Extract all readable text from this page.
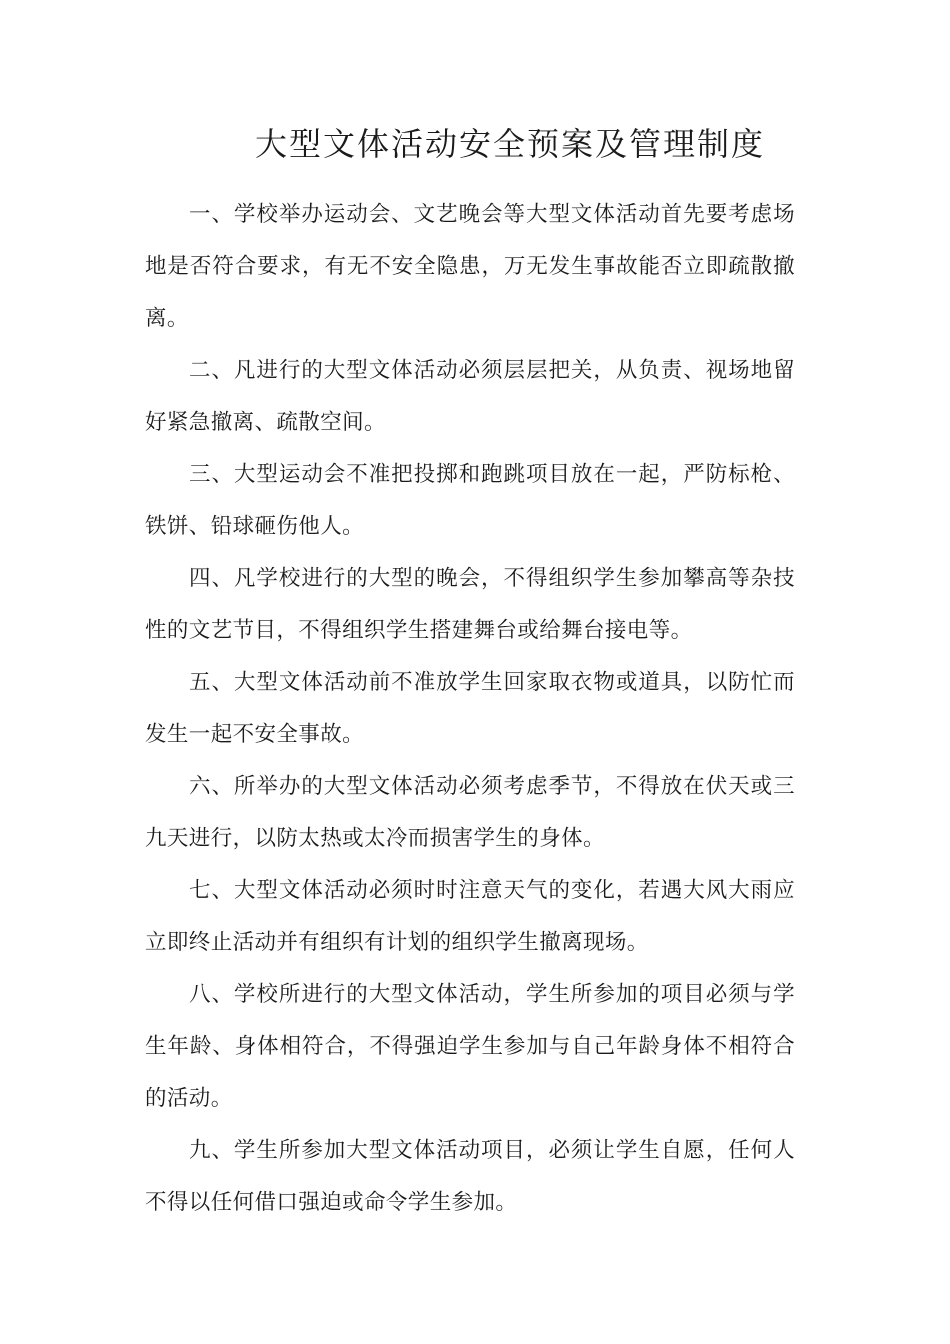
大型文体活动安全预案及管理制度

一、学校举办运动会、文艺晚会等大型文体活动首先要考虑场地是否符合要求，有无不安全隐患，万无发生事故能否立即疏散撤离。

二、凡进行的大型文体活动必须层层把关，从负责、视场地留好紧急撤离、疏散空间。

三、大型运动会不准把投掷和跑跳项目放在一起，严防标枪、铁饼、铅球砸伤他人。

四、凡学校进行的大型的晚会，不得组织学生参加攀高等杂技性的文艺节目，不得组织学生搭建舞台或给舞台接电等。

五、大型文体活动前不准放学生回家取衣物或道具，以防忙而发生一起不安全事故。

六、所举办的大型文体活动必须考虑季节，不得放在伏天或三九天进行，以防太热或太冷而损害学生的身体。

七、大型文体活动必须时时注意天气的变化，若遇大风大雨应立即终止活动并有组织有计划的组织学生撤离现场。

八、学校所进行的大型文体活动，学生所参加的项目必须与学生年龄、身体相符合，不得强迫学生参加与自己年龄身体不相符合的活动。

九、学生所参加大型文体活动项目，必须让学生自愿，任何人不得以任何借口强迫或命令学生参加。
